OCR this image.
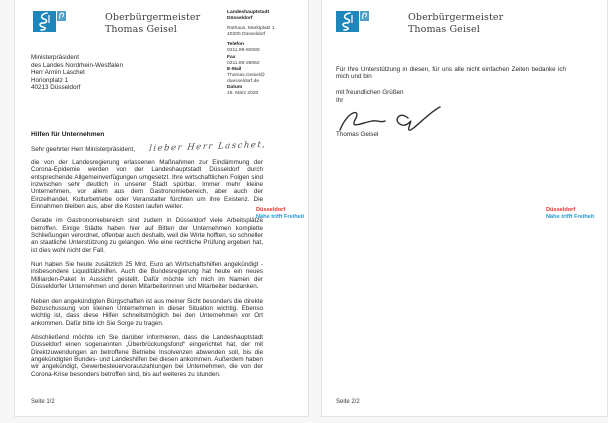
Oberbürgermeister
Thomas Geisel
Landeshauptstadt
Düsseldorf
Rathaus, Marktplatz 1
40200 Düsseldorf
Telefon
0211.89-92080
Fax
0211.89-29062
E-Mail
Thomas.Geisel@
duesseldorf.de
Datum
19. März 2020
Ministerpräsident
des Landes Nordrhein-Westfalen
Herr Armin Laschet
Horionplatz 1
40213 Düsseldorf
Hilfen für Unternehmen
Sehr geehrter Herr Ministerpräsident, lieber Herr Laschet,

die von der Landesregierung erlassenen Maßnahmen zur Eindämmung der Corona-Epidemie werden von der Landeshauptstadt Düsseldorf durch entsprechende Allgemeinverfügungen umgesetzt. Ihre wirtschaftlichen Folgen sind inzwischen sehr deutlich in unserer Stadt spürbar. Immer mehr kleine Unternehmen, vor allem aus dem Gastronomiebereich, aber auch der Einzelhandel, Kulturbetriebe oder Veranstalter fürchten um ihre Existenz. Die Einnahmen bleiben aus, aber die Kosten laufen weiter.

Gerade im Gastronomiebereich sind zudem in Düsseldorf viele Arbeitsplätze betroffen. Einige Städte haben hier auf Bitten der Unternehmen komplette Schließungen verordnet, offenbar auch deshalb, weil die Wirte hofften, so schneller an staatliche Unterstützung zu gelangen. Wie eine rechtliche Prüfung ergeben hat, ist dies wohl nicht der Fall.

Nun haben Sie heute zusätzlich 25 Mrd. Euro an Wirtschaftshilfen angekündigt - insbesondere Liquiditätshilfen. Auch die Bundesregierung hat heute ein neues Milliarden-Paket in Aussicht gestellt. Dafür möchte ich mich im Namen der Düsseldorfer Unternehmen und deren Mitarbeiterinnen und Mitarbeiter bedanken.

Neben den angekündigten Bürgschaften ist aus meiner Sicht besonders die direkte Bezuschussung von kleinen Unternehmen in dieser Situation wichtig. Ebenso wichtig ist, dass diese Hilfen schnellstmöglich bei den Unternehmen vor Ort ankommen. Dafür bitte ich Sie Sorge zu tragen.

Abschließend möchte ich Sie darüber informieren, dass die Landeshauptstadt Düsseldorf einen sogenannten „Überbrückungsfond“ eingerichtet hat, der mit Direktzuwendungen an betroffene Betriebe Insolvenzen abwenden soll, bis die angekündigten Bundes- und Landeshilfen bei diesen ankommen. Außerdem haben wir angekündigt, Gewerbesteuervorauszahlungen bei Unternehmen, die von der Corona-Krise besonders betroffen sind, bis auf weiteres zu stunden.

Düsseldorf
Nähe trifft Freiheit
Seite 1/2
Oberbürgermeister
Thomas Geisel

Für Ihre Unterstützung in diesen, für uns alle nicht einfachen Zeiten bedanke ich mich und bin

mit freundlichen Grüßen
Ihr
Thomas Geisel
Düsseldorf
Nähe trifft Freiheit
Seite 2/2
